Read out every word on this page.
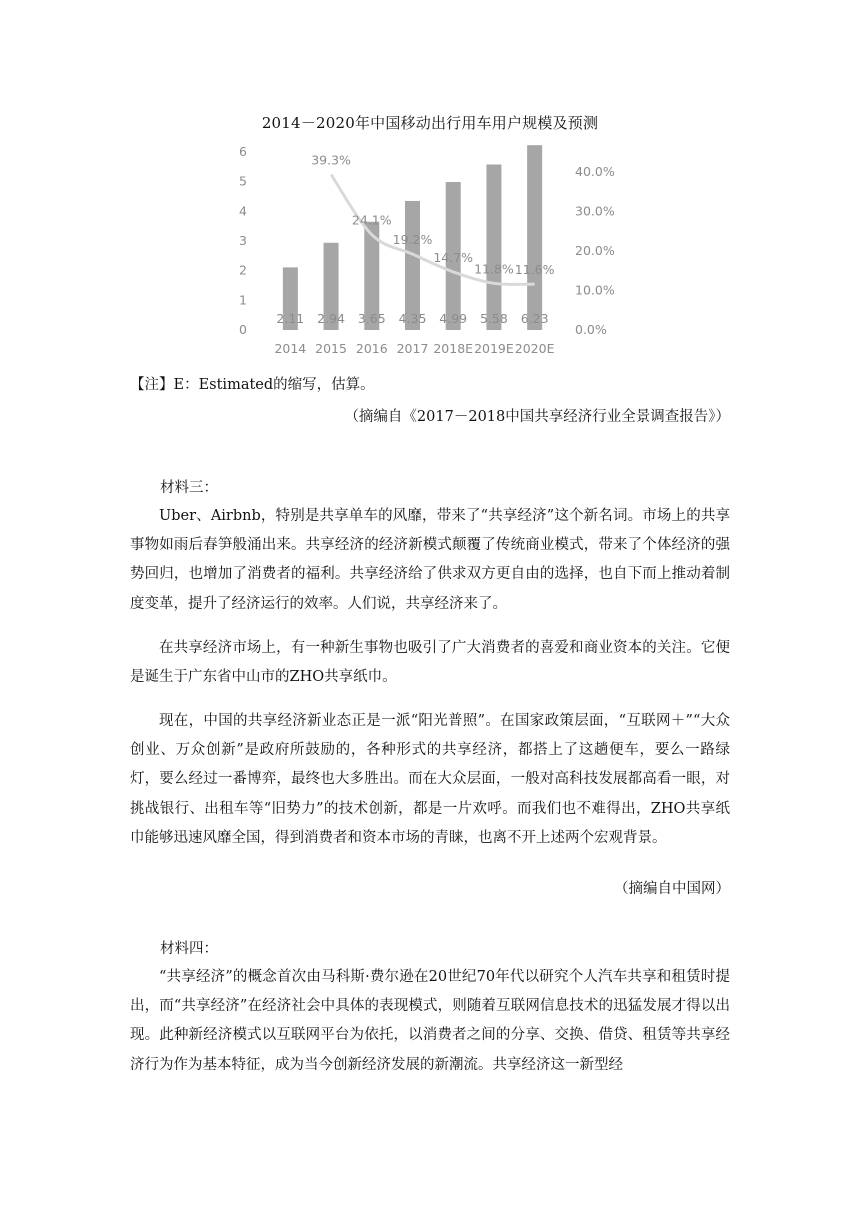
2014－2020年中国移动出行用车用户规模及预测
0
1
2
3
4
5
6
0.0%
10.0%
20.0%
30.0%
40.0%
2.11 2.94 3.65 4.35 4.99 5.58 6.23
39.3%
24.1%
19.2%
14.7%
11.8% 11.6%
2014 2015 2016 2017 2018E 2019E 2020E
【注】E：Estimated的缩写，估算。
（摘编自《2017－2018中国共享经济行业全景调查报告》）
材料三：

Uber、Airbnb，特别是共享单车的风靡，带来了“共享经济”这个新名词。市场上的共享事物如雨后春笋般涌出来。共享经济的经济新模式颠覆了传统商业模式，带来了个体经济的强势回归，也增加了消费者的福利。共享经济给了供求双方更自由的选择，也自下而上推动着制度变革，提升了经济运行的效率。人们说，共享经济来了。

在共享经济市场上，有一种新生事物也吸引了广大消费者的喜爱和商业资本的关注。它便是诞生于广东省中山市的ZHO共享纸巾。

现在，中国的共享经济新业态正是一派“阳光普照”。在国家政策层面，“互联网＋”“大众创业、万众创新”是政府所鼓励的，各种形式的共享经济，都搭上了这趟便车，要么一路绿灯，要么经过一番博弈，最终也大多胜出。而在大众层面，一般对高科技发展都高看一眼，对挑战银行、出租车等“旧势力”的技术创新，都是一片欢呼。而我们也不难得出，ZHO共享纸巾能够迅速风靡全国，得到消费者和资本市场的青睐，也离不开上述两个宏观背景。

（摘编自中国网）
材料四：

“共享经济”的概念首次由马科斯·费尔逊在20世纪70年代以研究个人汽车共享和租赁时提出，而“共享经济”在经济社会中具体的表现模式，则随着互联网信息技术的迅猛发展才得以出现。此种新经济模式以互联网平台为依托，以消费者之间的分享、交换、借贷、租赁等共享经济行为作为基本特征，成为当今创新经济发展的新潮流。共享经济这一新型经
